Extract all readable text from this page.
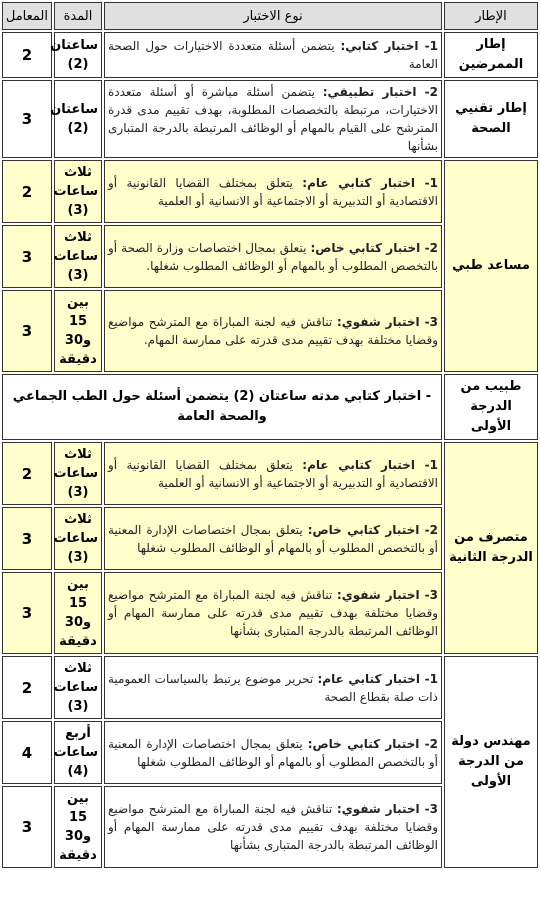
الإطار	نوع الاختبار	المدة	المعامل
إطار الممرضين	1- اختبار كتابي: يتضمن أسئلة متعددة الاختيارات حول الصحة العامة	ساعتان (2)	2
إطار تقنيي الصحة	2- اختبار تطبيقي: يتضمن أسئلة مباشرة أو أسئلة متعددة الاختيارات، مرتبطة بالتخصصات المطلوبة، بهدف تقييم مدى قدرة المترشح على القيام بالمهام أو الوظائف المرتبطة بالدرجة المتبارى بشأنها	ساعتان (2)	3
مساعد طبي	1- اختبار كتابي عام: يتعلق بمختلف القضايا القانونية أو الاقتصادية أو التدبيرية أو الاجتماعية أو الانسانية أو العلمية	ثلاث ساعات (3)	2
	2- اختبار كتابي خاص: يتعلق بمجال اختصاصات وزارة الصحة أو بالتخصص المطلوب أو بالمهام أو الوظائف المطلوب شغلها.	ثلاث ساعات (3)	3
	3- اختبار شفوي: تناقش فيه لجنة المباراة مع المترشح مواضيع وقضايا مختلفة بهدف تقييم مدى قدرته على ممارسة المهام.	بين 15 و30 دقيقة	3
طبيب من الدرجة الأولى	- اختبار كتابي مدته ساعتان (2) يتضمن أسئلة حول الطب الجماعي والصحة العامة		
متصرف من الدرجة الثانية	1- اختبار كتابي عام: يتعلق بمختلف القضايا القانونية أو الاقتصادية أو التدبيرية أو الاجتماعية أو الانسانية أو العلمية	ثلاث ساعات (3)	2
	2- اختبار كتابي خاص: يتعلق بمجال اختصاصات الإدارة المعنية أو بالتخصص المطلوب أو بالمهام أو الوظائف المطلوب شغلها	ثلاث ساعات (3)	3
	3- اختبار شفوي: تناقش فيه لجنة المباراة مع المترشح مواضيع وقضايا مختلفة بهدف تقييم مدى قدرته على ممارسة المهام أو الوظائف المرتبطة بالدرجة المتبارى بشأنها	بين 15 و30 دقيقة	3
مهندس دولة من الدرجة الأولى	1- اختبار كتابي عام: تحرير موضوع يرتبط بالسياسات العمومية ذات صلة بقطاع الصحة	ثلاث ساعات (3)	2
	2- اختبار كتابي خاص: يتعلق بمجال اختصاصات الإدارة المعنية أو بالتخصص المطلوب أو بالمهام أو الوظائف المطلوب شغلها	أربع ساعات (4)	4
	3- اختبار شفوي: تناقش فيه لجنة المباراة مع المترشح مواضيع وقضايا مختلفة بهدف تقييم مدى قدرته على ممارسة المهام أو الوظائف المرتبطة بالدرجة المتبارى بشأنها	بين 15 و30 دقيقة	3
